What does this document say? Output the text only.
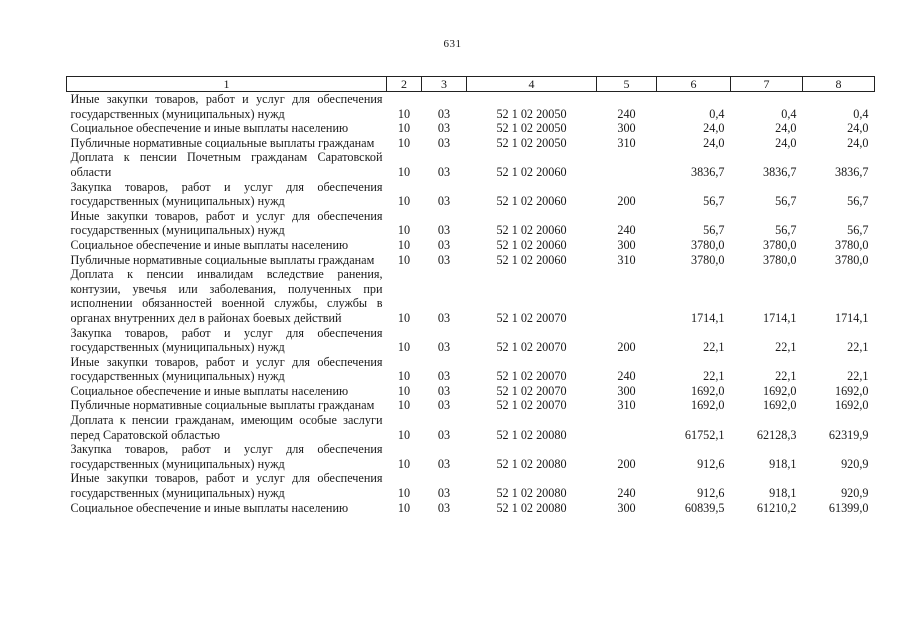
631
1	2	3	4	5	6	7	8
Иные закупки товаров, работ и услуг для обеспечения государственных (муниципальных) нужд	10	03	52 1 02 20050	240	0,4	0,4	0,4
Социальное обеспечение и иные выплаты населению	10	03	52 1 02 20050	300	24,0	24,0	24,0
Публичные нормативные социальные выплаты гражданам	10	03	52 1 02 20050	310	24,0	24,0	24,0
Доплата к пенсии Почетным гражданам Саратовской области	10	03	52 1 02 20060		3836,7	3836,7	3836,7
Закупка товаров, работ и услуг для обеспечения государственных (муниципальных) нужд	10	03	52 1 02 20060	200	56,7	56,7	56,7
Иные закупки товаров, работ и услуг для обеспечения государственных (муниципальных) нужд	10	03	52 1 02 20060	240	56,7	56,7	56,7
Социальное обеспечение и иные выплаты населению	10	03	52 1 02 20060	300	3780,0	3780,0	3780,0
Публичные нормативные социальные выплаты гражданам	10	03	52 1 02 20060	310	3780,0	3780,0	3780,0
Доплата к пенсии инвалидам вследствие ранения, контузии, увечья или заболевания, полученных при исполнении обязанностей военной службы, службы в органах внутренних дел в районах боевых действий	10	03	52 1 02 20070		1714,1	1714,1	1714,1
Закупка товаров, работ и услуг для обеспечения государственных (муниципальных) нужд	10	03	52 1 02 20070	200	22,1	22,1	22,1
Иные закупки товаров, работ и услуг для обеспечения государственных (муниципальных) нужд	10	03	52 1 02 20070	240	22,1	22,1	22,1
Социальное обеспечение и иные выплаты населению	10	03	52 1 02 20070	300	1692,0	1692,0	1692,0
Публичные нормативные социальные выплаты гражданам	10	03	52 1 02 20070	310	1692,0	1692,0	1692,0
Доплата к пенсии гражданам, имеющим особые заслуги перед Саратовской областью	10	03	52 1 02 20080		61752,1	62128,3	62319,9
Закупка товаров, работ и услуг для обеспечения государственных (муниципальных) нужд	10	03	52 1 02 20080	200	912,6	918,1	920,9
Иные закупки товаров, работ и услуг для обеспечения государственных (муниципальных) нужд	10	03	52 1 02 20080	240	912,6	918,1	920,9
Социальное обеспечение и иные выплаты населению	10	03	52 1 02 20080	300	60839,5	61210,2	61399,0
